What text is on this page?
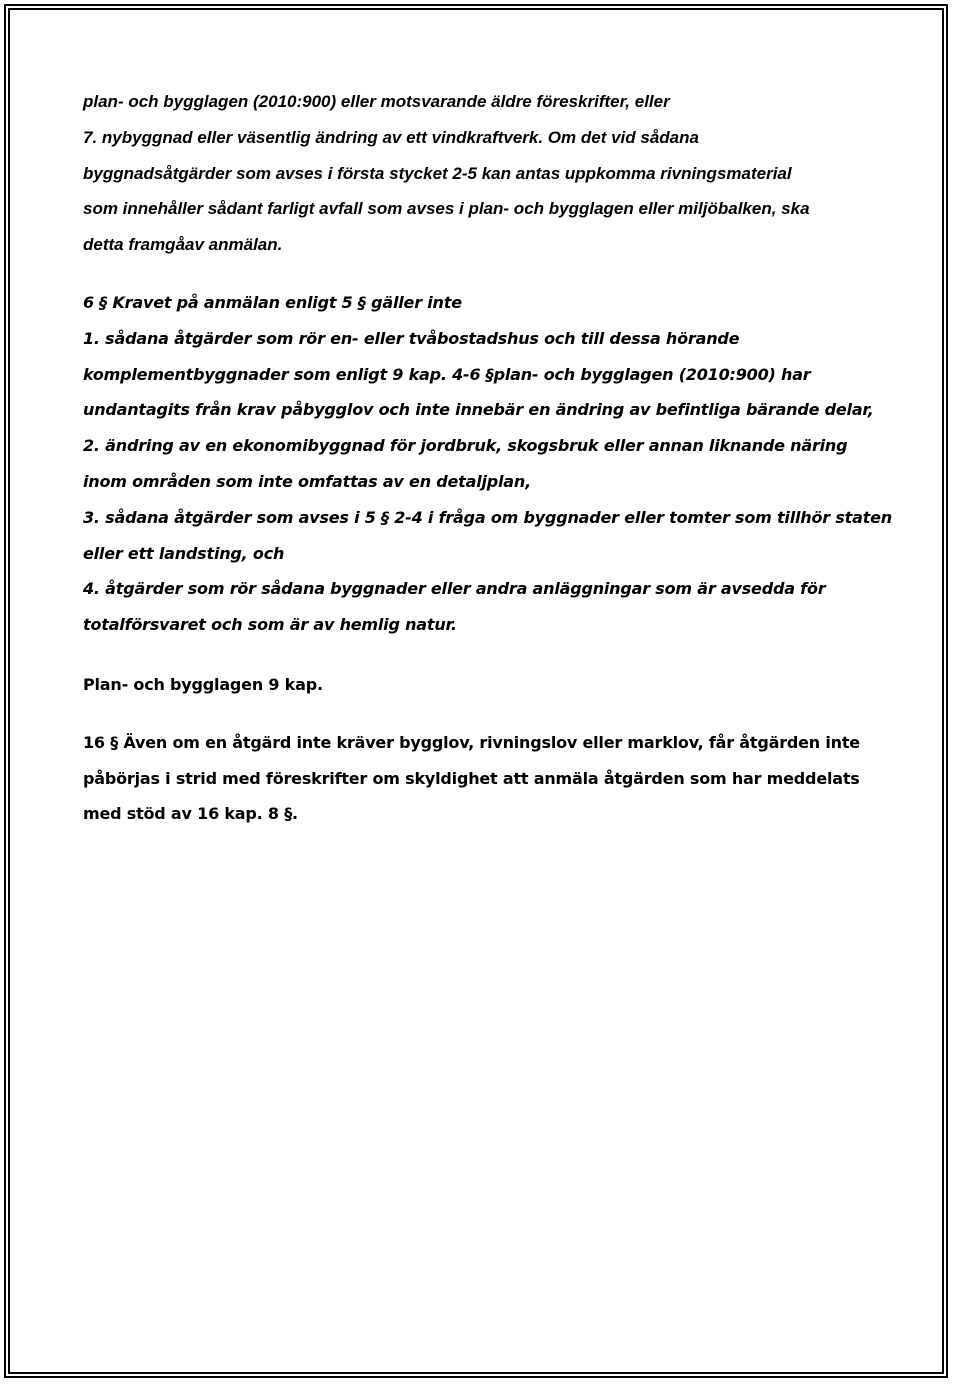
plan- och bygglagen (2010:900) eller motsvarande äldre föreskrifter, eller
7. nybyggnad eller väsentlig ändring av ett vindkraftverk. Om det vid sådana
byggnadsåtgärder som avses i första stycket 2-5 kan antas uppkomma rivningsmaterial
som innehåller sådant farligt avfall som avses i plan- och bygglagen eller miljöbalken, ska
detta framgåav anmälan.

6 § Kravet på anmälan enligt 5 § gäller inte
1. sådana åtgärder som rör en- eller tvåbostadshus och till dessa hörande
komplementbyggnader som enligt 9 kap. 4-6 §plan- och bygglagen (2010:900) har
undantagits från krav påbygglov och inte innebär en ändring av befintliga bärande delar,
2. ändring av en ekonomibyggnad för jordbruk, skogsbruk eller annan liknande näring
inom områden som inte omfattas av en detaljplan,
3. sådana åtgärder som avses i 5 § 2-4 i fråga om byggnader eller tomter som tillhör staten
eller ett landsting, och
4. åtgärder som rör sådana byggnader eller andra anläggningar som är avsedda för
totalförsvaret och som är av hemlig natur.

Plan- och bygglagen 9 kap.

16 § Även om en åtgärd inte kräver bygglov, rivningslov eller marklov, får åtgärden inte
påbörjas i strid med föreskrifter om skyldighet att anmäla åtgärden som har meddelats
med stöd av 16 kap. 8 §.
